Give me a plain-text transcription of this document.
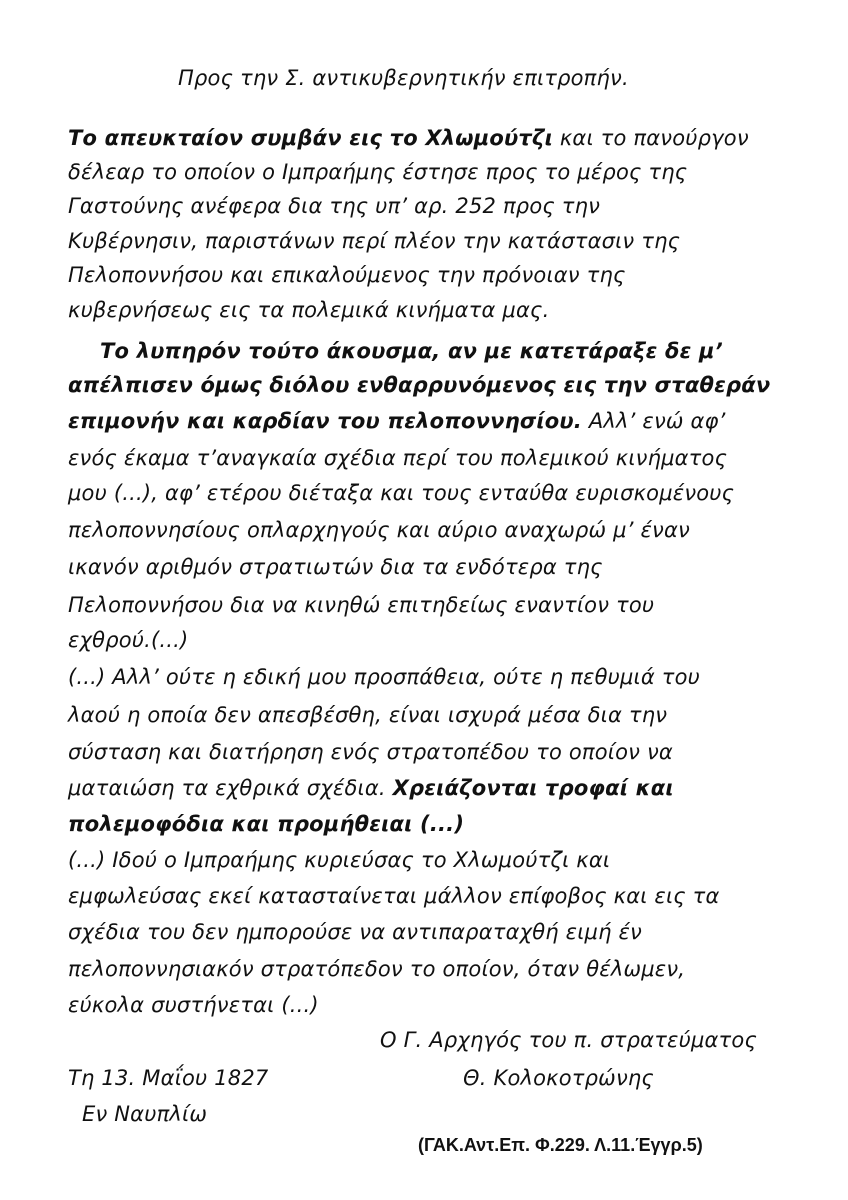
Προς την Σ. αντικυβερνητικήν επιτροπήν.
Το απευκταίον συμβάν εις το Χλωμούτζι και το πανούργον
δέλεαρ το οποίον ο Ιμπραήμης έστησε προς το μέρος της
Γαστούνης ανέφερα δια της υπ’ αρ. 252 προς την
Κυβέρνησιν, παριστάνων περί πλέον την κατάστασιν της
Πελοποννήσου και επικαλούμενος την πρόνοιαν της
κυβερνήσεως εις τα πολεμικά κινήματα μας.
Το λυπηρόν τούτο άκουσμα, αν με κατετάραξε δε μ’
απέλπισεν όμως διόλου ενθαρρυνόμενος εις την σταθεράν
επιμονήν και καρδίαν του πελοποννησίου. Αλλ’ ενώ αφ’
ενός έκαμα τ’αναγκαία σχέδια περί του πολεμικού κινήματος
μου (...), αφ’ ετέρου διέταξα και τους ενταύθα ευρισκομένους
πελοποννησίους οπλαρχηγούς και αύριο αναχωρώ μ’ έναν
ικανόν αριθμόν στρατιωτών δια τα ενδότερα της
Πελοποννήσου δια να κινηθώ επιτηδείως εναντίον του
εχθρού.(...)
(...) Αλλ’ ούτε η εδική μου προσπάθεια, ούτε η πεθυμιά του
λαού η οποία δεν απεσβέσθη, είναι ισχυρά μέσα δια την
σύσταση και διατήρηση ενός στρατοπέδου το οποίον να
ματαιώση τα εχθρικά σχέδια. Χρειάζονται τροφαί και
πολεμοφόδια και προμήθειαι (...)
(...) Ιδού ο Ιμπραήμης κυριεύσας το Χλωμούτζι και
εμφωλεύσας εκεί κατασταίνεται μάλλον επίφοβος και εις τα
σχέδια του δεν ημπορούσε να αντιπαραταχθή ειμή έν
πελοποννησιακόν στρατόπεδον το οποίον, όταν θέλωμεν,
εύκολα συστήνεται (...)
Ο Γ. Αρχηγός του π. στρατεύματος
Τη 13. Μαΐου 1827	Θ. Κολοκοτρώνης
Εν Ναυπλίω
(ΓΑΚ.Αντ.Επ. Φ.229. Λ.11.Έγγρ.5)
